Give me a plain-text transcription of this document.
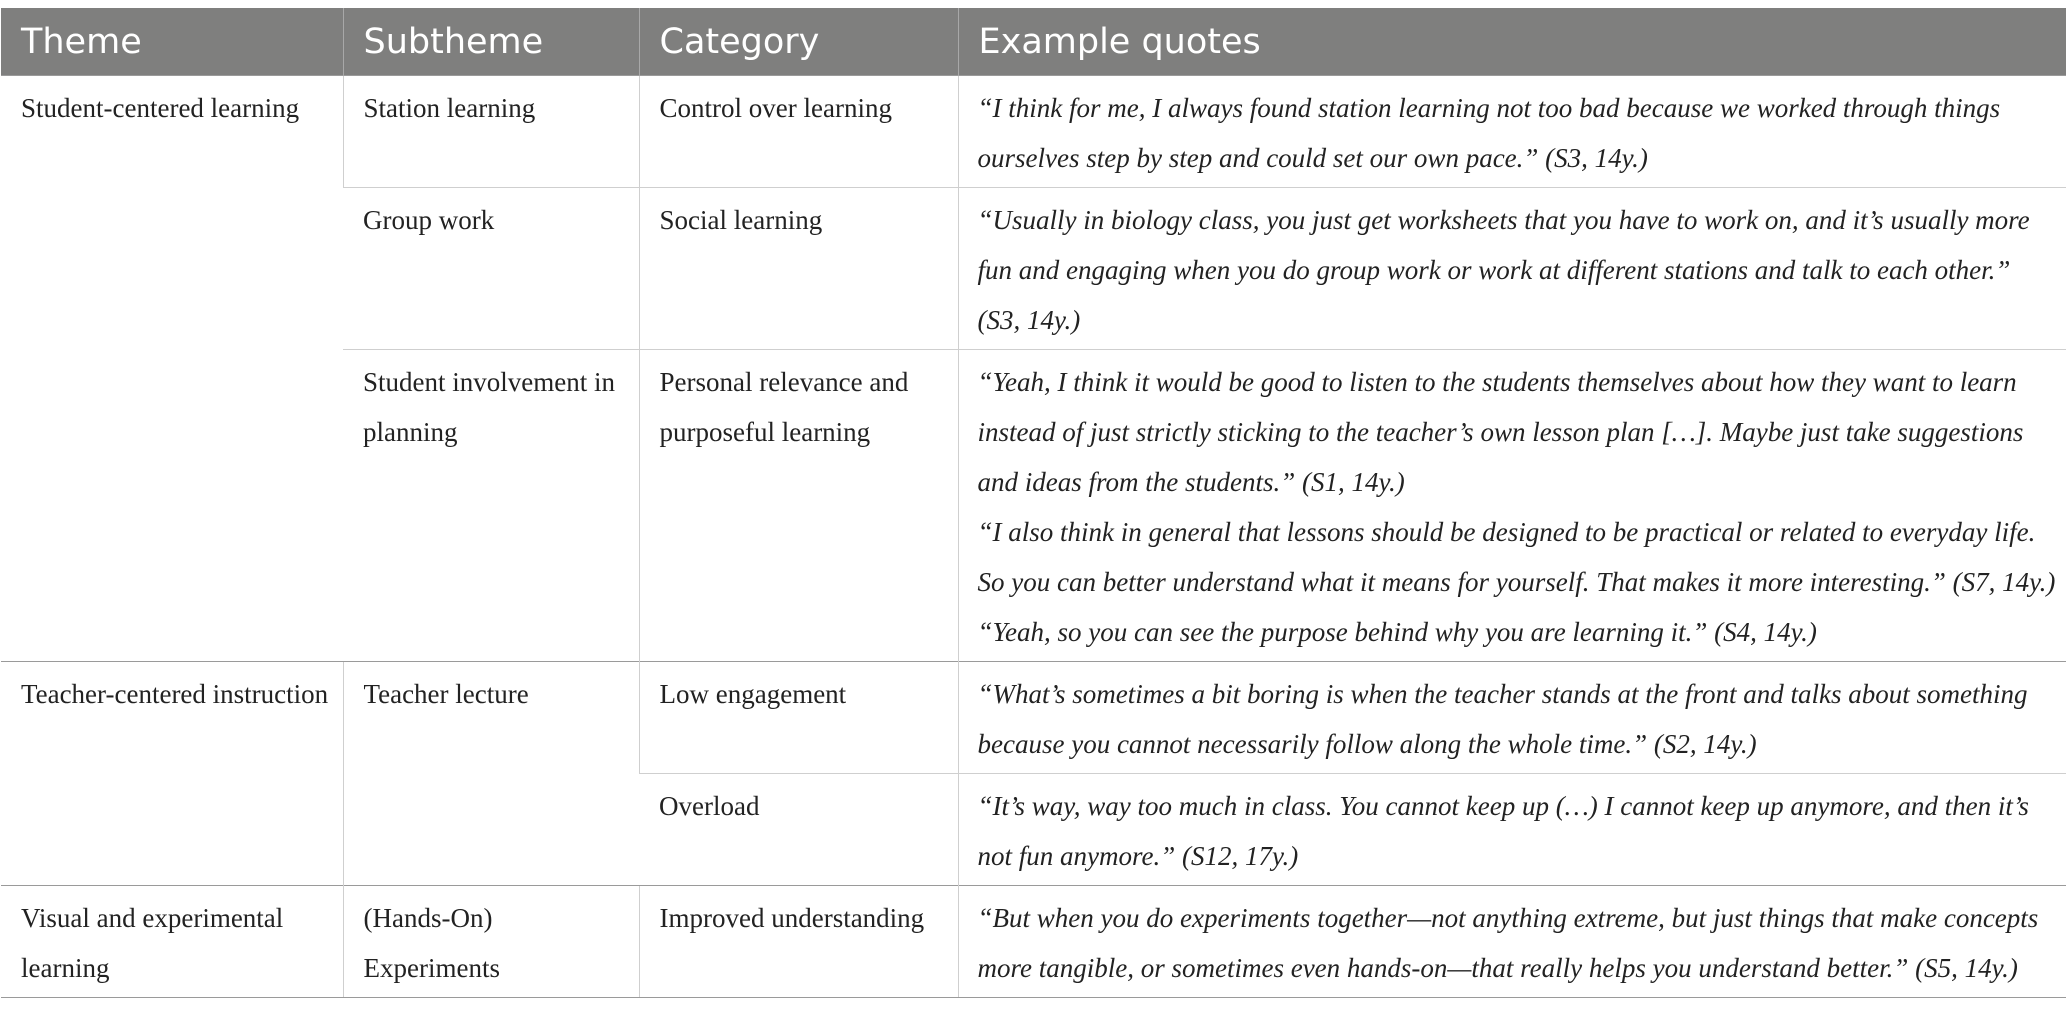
Theme	Subtheme	Category	Example quotes
Student-centered learning	Station learning	Control over learning	“I think for me, I always found station learning not too bad because we worked through things ourselves step by step and could set our own pace.” (S3, 14y.)

	Group work	Social learning	“Usually in biology class, you just get worksheets that you have to work on, and it’s usually more fun and engaging when you do group work or work at different stations and talk to each other.” (S3, 14y.)

	Student involvement in planning	Personal relevance and purposeful learning	“Yeah, I think it would be good to listen to the students themselves about how they want to learn instead of just strictly sticking to the teacher’s own lesson plan […]. Maybe just take suggestions and ideas from the students.” (S1, 14y.)
“I also think in general that lessons should be designed to be practical or related to everyday life. So you can better understand what it means for yourself. That makes it more interesting.” (S7, 14y.)
“Yeah, so you can see the purpose behind why you are learning it.” (S4, 14y.)

Teacher-centered instruction	Teacher lecture	Low engagement	“What’s sometimes a bit boring is when the teacher stands at the front and talks about something because you cannot necessarily follow along the whole time.” (S2, 14y.)

		Overload	“It’s way, way too much in class. You cannot keep up (…) I cannot keep up anymore, and then it’s not fun anymore.” (S12, 17y.)

Visual and experimental learning	(Hands-On) Experiments	Improved understanding	“But when you do experiments together—not anything extreme, but just things that make concepts more tangible, or sometimes even hands-on—that really helps you understand better.” (S5, 14y.)
